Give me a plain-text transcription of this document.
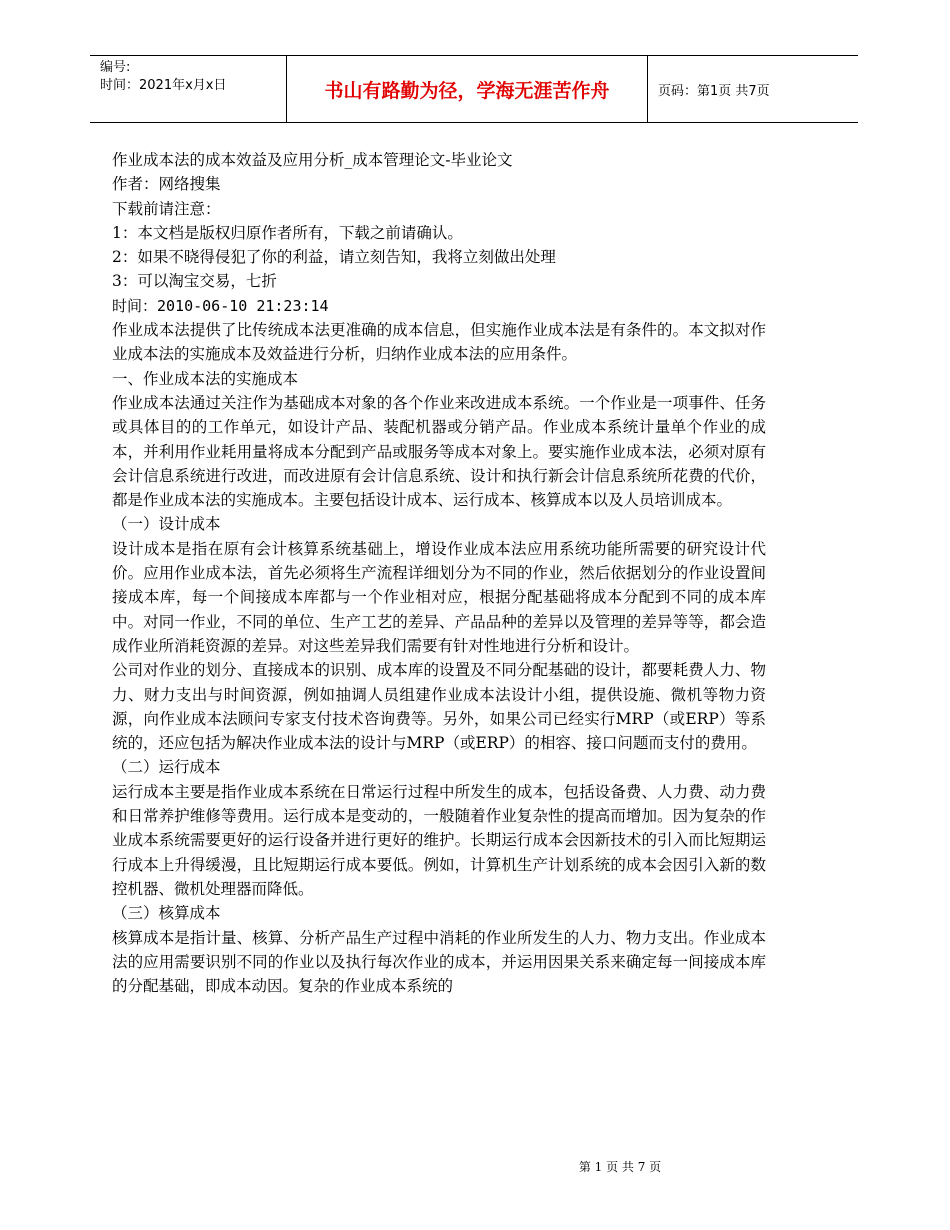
编号:
时间：2021年x月x日	书山有路勤为径，学海无涯苦作舟	页码：第1页 共7页

作业成本法的成本效益及应用分析_成本管理论文-毕业论文

作者：网络搜集

下载前请注意：

1：本文档是版权归原作者所有，下载之前请确认。

2：如果不晓得侵犯了你的利益，请立刻告知，我将立刻做出处理

3：可以淘宝交易，七折

时间：2010-06-10 21:23:14

作业成本法提供了比传统成本法更准确的成本信息，但实施作业成本法是有条件的。本文拟对作业成本法的实施成本及效益进行分析，归纳作业成本法的应用条件。

一、作业成本法的实施成本

作业成本法通过关注作为基础成本对象的各个作业来改进成本系统。一个作业是一项事件、任务或具体目的的工作单元，如设计产品、装配机器或分销产品。作业成本系统计量单个作业的成本，并利用作业耗用量将成本分配到产品或服务等成本对象上。要实施作业成本法，必须对原有会计信息系统进行改进，而改进原有会计信息系统、设计和执行新会计信息系统所花费的代价，都是作业成本法的实施成本。主要包括设计成本、运行成本、核算成本以及人员培训成本。

（一）设计成本

设计成本是指在原有会计核算系统基础上，增设作业成本法应用系统功能所需要的研究设计代价。应用作业成本法，首先必须将生产流程详细划分为不同的作业，然后依据划分的作业设置间接成本库，每一个间接成本库都与一个作业相对应，根据分配基础将成本分配到不同的成本库中。对同一作业，不同的单位、生产工艺的差异、产品品种的差异以及管理的差异等等，都会造成作业所消耗资源的差异。对这些差异我们需要有针对性地进行分析和设计。

公司对作业的划分、直接成本的识别、成本库的设置及不同分配基础的设计，都要耗费人力、物力、财力支出与时间资源，例如抽调人员组建作业成本法设计小组，提供设施、微机等物力资源，向作业成本法顾问专家支付技术咨询费等。另外，如果公司已经实行MRP（或ERP）等系统的，还应包括为解决作业成本法的设计与MRP（或ERP）的相容、接口问题而支付的费用。

（二）运行成本

运行成本主要是指作业成本系统在日常运行过程中所发生的成本，包括设备费、人力费、动力费和日常养护维修等费用。运行成本是变动的，一般随着作业复杂性的提高而增加。因为复杂的作业成本系统需要更好的运行设备并进行更好的维护。长期运行成本会因新技术的引入而比短期运行成本上升得缓漫，且比短期运行成本要低。例如，计算机生产计划系统的成本会因引入新的数控机器、微机处理器而降低。

（三）核算成本

核算成本是指计量、核算、分析产品生产过程中消耗的作业所发生的人力、物力支出。作业成本法的应用需要识别不同的作业以及执行每次作业的成本，并运用因果关系来确定每一间接成本库的分配基础，即成本动因。复杂的作业成本系统的

第 1 页 共 7 页
